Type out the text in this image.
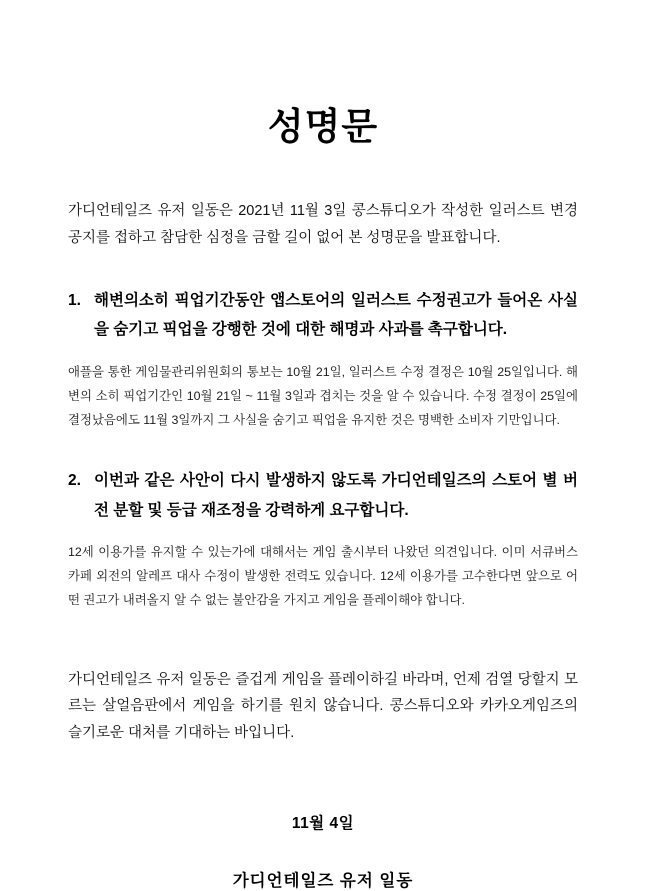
성명문

가디언테일즈 유저 일동은 2021년 11월 3일 콩스튜디오가 작성한 일러스트 변경 공지를 접하고 참담한 심정을 금할 길이 없어 본 성명문을 발표합니다.

1. 해변의소히 픽업기간동안 앱스토어의 일러스트 수정권고가 들어온 사실을 숨기고 픽업을 강행한 것에 대한 해명과 사과를 촉구합니다.

애플을 통한 게임물관리위원회의 통보는 10월 21일, 일러스트 수정 결정은 10월 25일입니다. 해변의 소히 픽업기간인 10월 21일 ~ 11월 3일과 겹치는 것을 알 수 있습니다. 수정 결정이 25일에 결정났음에도 11월 3일까지 그 사실을 숨기고 픽업을 유지한 것은 명백한 소비자 기만입니다.

2. 이번과 같은 사안이 다시 발생하지 않도록 가디언테일즈의 스토어 별 버전 분할 및 등급 재조정을 강력하게 요구합니다.

12세 이용가를 유지할 수 있는가에 대해서는 게임 출시부터 나왔던 의견입니다. 이미 서큐버스 카페 외전의 알레프 대사 수정이 발생한 전력도 있습니다. 12세 이용가를 고수한다면 앞으로 어떤 권고가 내려올지 알 수 없는 불안감을 가지고 게임을 플레이해야 합니다.

가디언테일즈 유저 일동은 즐겁게 게임을 플레이하길 바라며, 언제 검열 당할지 모르는 살얼음판에서 게임을 하기를 원치 않습니다. 콩스튜디오와 카카오게임즈의 슬기로운 대처를 기대하는 바입니다.

11월 4일
가디언테일즈 유저 일동
